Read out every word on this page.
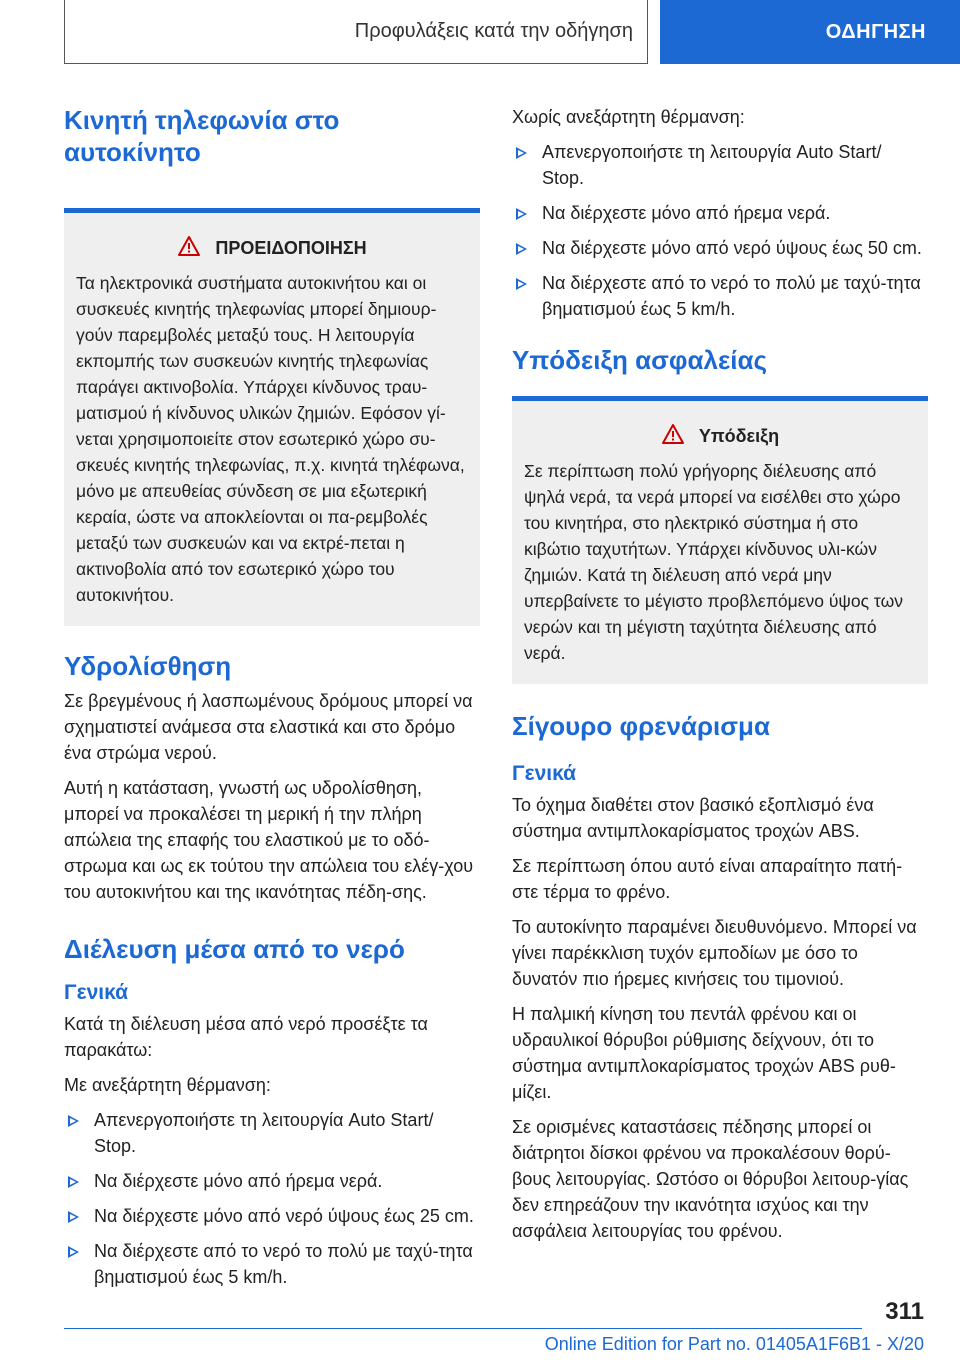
Προφυλάξεις κατά την οδήγηση	ΟΔΗΓΗΣΗ
Κινητή τηλεφωνία στο αυτοκίνητο
ΠΡΟΕΙΔΟΠΟΙΗΣΗ

Τα ηλεκτρονικά συστήματα αυτοκινήτου και οι συσκευές κινητής τηλεφωνίας μπορεί δημιουρ-γούν παρεμβολές μεταξύ τους. Η λειτουργία εκπομπής των συσκευών κινητής τηλεφωνίας παράγει ακτινοβολία. Υπάρχει κίνδυνος τραυ-ματισμού ή κίνδυνος υλικών ζημιών. Εφόσον γί-νεται χρησιμοποιείτε στον εσωτερικό χώρο συ-σκευές κινητής τηλεφωνίας, π.χ. κινητά τηλέφωνα, μόνο με απευθείας σύνδεση σε μια εξωτερική κεραία, ώστε να αποκλείονται οι πα-ρεμβολές μεταξύ των συσκευών και να εκτρέ-πεται η ακτινοβολία από τον εσωτερικό χώρο του αυτοκινήτου.

Υδρολίσθηση

Σε βρεγμένους ή λασπωμένους δρόμους μπορεί να σχηματιστεί ανάμεσα στα ελαστικά και στο δρόμο ένα στρώμα νερού.

Αυτή η κατάσταση, γνωστή ως υδρολίσθηση, μπορεί να προκαλέσει τη μερική ή την πλήρη απώλεια της επαφής του ελαστικού με το οδό-στρωμα και ως εκ τούτου την απώλεια του ελέγ-χου του αυτοκινήτου και της ικανότητας πέδη-σης.

Διέλευση μέσα από το νερό
Γενικά

Κατά τη διέλευση μέσα από νερό προσέξτε τα παρακάτω:

Με ανεξάρτητη θέρμανση:

Απενεργοποιήστε τη λειτουργία Auto Start/ Stop.
Να διέρχεστε μόνο από ήρεμα νερά.
Να διέρχεστε μόνο από νερό ύψους έως 25 cm.
Να διέρχεστε από το νερό το πολύ με ταχύ-τητα βηματισμού έως 5 km/h.

Χωρίς ανεξάρτητη θέρμανση:

Απενεργοποιήστε τη λειτουργία Auto Start/ Stop.
Να διέρχεστε μόνο από ήρεμα νερά.
Να διέρχεστε μόνο από νερό ύψους έως 50 cm.
Να διέρχεστε από το νερό το πολύ με ταχύ-τητα βηματισμού έως 5 km/h.
Υπόδειξη ασφαλείας
Υπόδειξη

Σε περίπτωση πολύ γρήγορης διέλευσης από ψηλά νερά, τα νερά μπορεί να εισέλθει στο χώρο του κινητήρα, στο ηλεκτρικό σύστημα ή στο κιβώτιο ταχυτήτων. Υπάρχει κίνδυνος υλι-κών ζημιών. Κατά τη διέλευση από νερά μην υπερβαίνετε το μέγιστο προβλεπόμενο ύψος των νερών και τη μέγιστη ταχύτητα διέλευσης από νερά.

Σίγουρο φρενάρισμα
Γενικά

Το όχημα διαθέτει στον βασικό εξοπλισμό ένα σύστημα αντιμπλοκαρίσματος τροχών ABS.

Σε περίπτωση όπου αυτό είναι απαραίτητο πατή-στε τέρμα το φρένο.

Το αυτοκίνητο παραμένει διευθυνόμενο. Μπορεί να γίνει παρέκκλιση τυχόν εμποδίων με όσο το δυνατόν πιο ήρεμες κινήσεις του τιμονιού.

Η παλμική κίνηση του πεντάλ φρένου και οι υδραυλικοί θόρυβοι ρύθμισης δείχνουν, ότι το σύστημα αντιμπλοκαρίσματος τροχών ABS ρυθ-μίζει.

Σε ορισμένες καταστάσεις πέδησης μπορεί οι διάτρητοι δίσκοι φρένου να προκαλέσουν θορύ-βους λειτουργίας. Ωστόσο οι θόρυβοι λειτουρ-γίας δεν επηρεάζουν την ικανότητα ισχύος και την ασφάλεια λειτουργίας του φρένου.

311
Online Edition for Part no. 01405A1F6B1 - X/20
